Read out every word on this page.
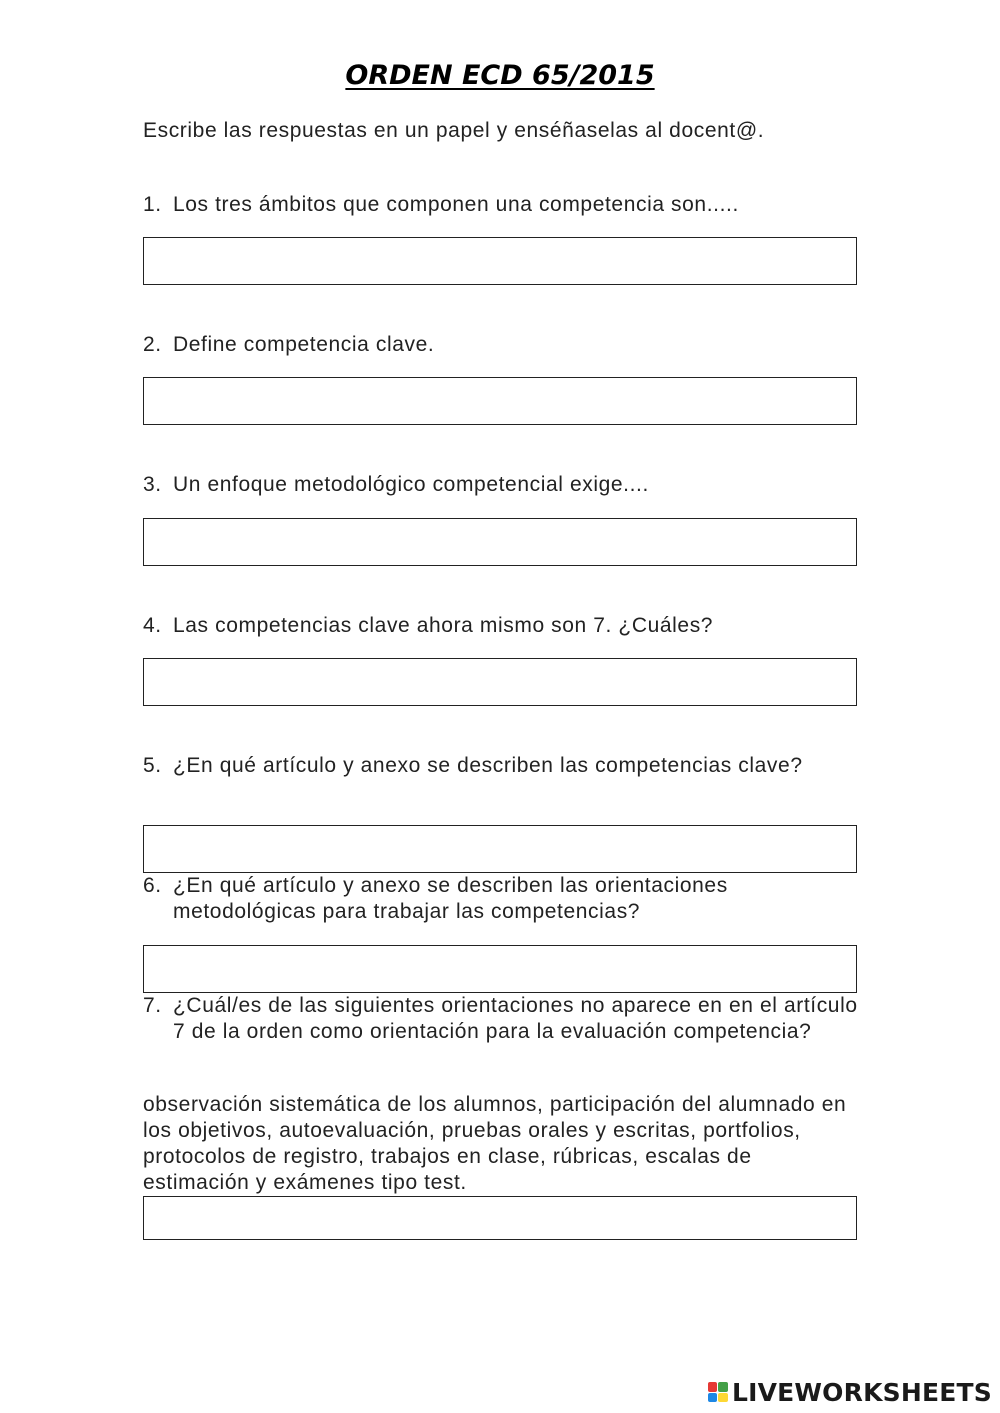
ORDEN ECD 65/2015
Escribe las respuestas en un papel y enséñaselas al docent@.
1. Los tres ámbitos que componen una competencia son.....
2. Define competencia clave.
3. Un enfoque metodológico competencial exige....
4. Las competencias clave ahora mismo son 7. ¿Cuáles?
5. ¿En qué artículo y anexo se describen las competencias clave?
6. ¿En qué artículo y anexo se describen las orientaciones metodológicas para trabajar las competencias?
7. ¿Cuál/es de las siguientes orientaciones no aparece en en el artículo 7 de la orden como orientación para la evaluación competencia?
observación sistemática de los alumnos, participación del alumnado en los objetivos, autoevaluación, pruebas orales y escritas, portfolios, protocolos de registro, trabajos en clase, rúbricas, escalas de estimación y exámenes tipo test.
LIVEWORKSHEETS
